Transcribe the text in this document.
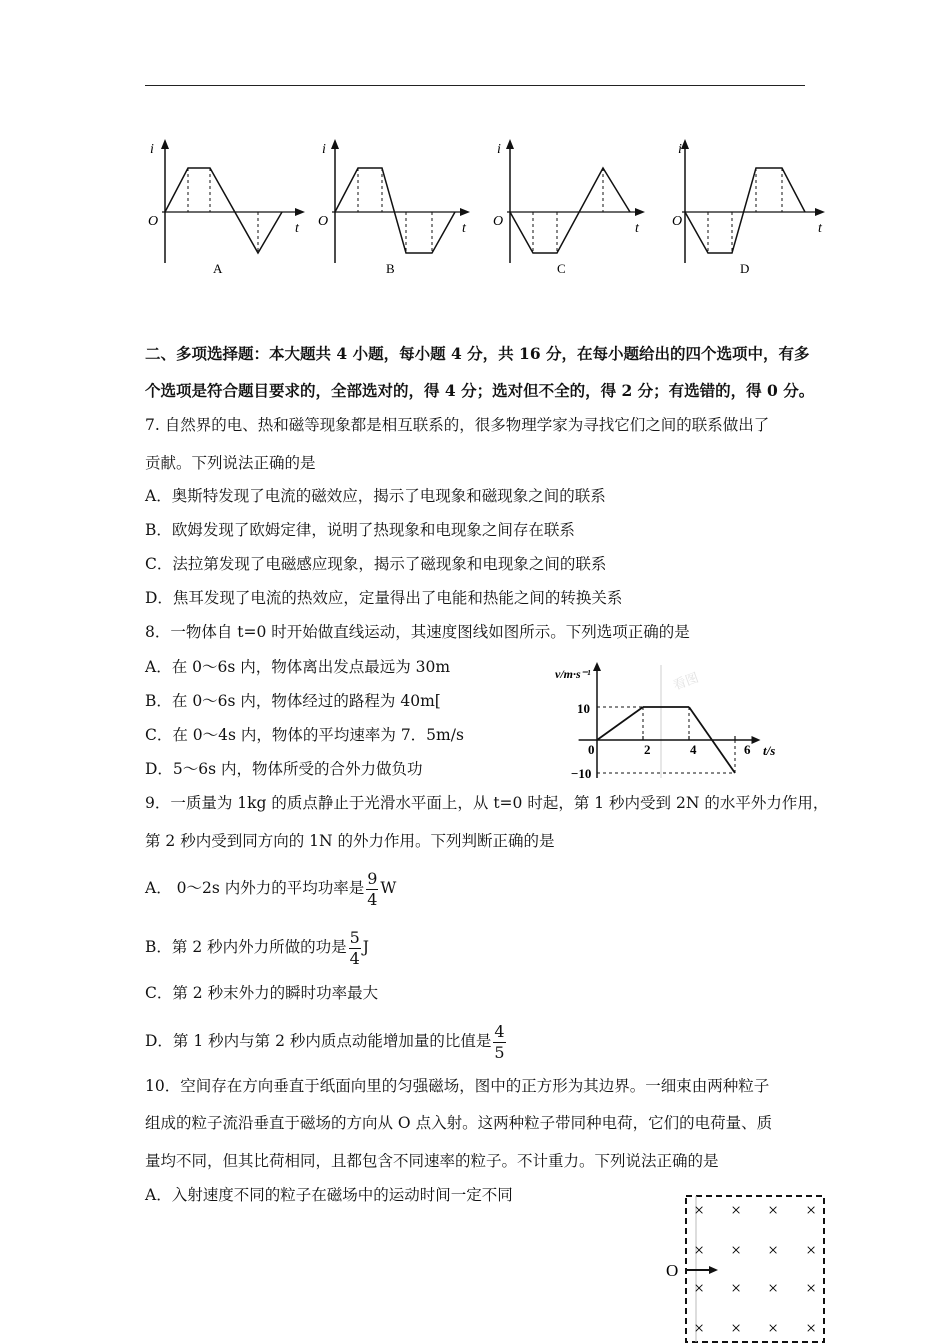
i
O	t
A
i
O	t
B
i
O	t
C
i
O	t
D
二、多项选择题：本大题共 4 小题，每小题 4 分，共 16 分，在每小题给出的四个选项中，有多
个选项是符合题目要求的，全部选对的，得 4 分；选对但不全的，得 2 分；有选错的，得 0 分。
7. 自然界的电、热和磁等现象都是相互联系的，很多物理学家为寻找它们之间的联系做出了
贡献。下列说法正确的是
A．奥斯特发现了电流的磁效应，揭示了电现象和磁现象之间的联系
B．欧姆发现了欧姆定律，说明了热现象和电现象之间存在联系
C．法拉第发现了电磁感应现象，揭示了磁现象和电现象之间的联系
D．焦耳发现了电流的热效应，定量得出了电能和热能之间的转换关系
8．一物体自 t=0 时开始做直线运动，其速度图线如图所示。下列选项正确的是
A．在 0～6s 内，物体离出发点最远为 30m
B．在 0～6s 内，物体经过的路程为 40m[
C．在 0～4s 内，物体的平均速率为 7．5m/s
D．5～6s 内，物体所受的合外力做负功
看图
v/m·s⁻¹
t/s
0
10
−10
2	4	6
9．一质量为 1kg 的质点静止于光滑水平面上，从 t=0 时起，第 1 秒内受到 2N 的水平外力作用，
第 2 秒内受到同方向的 1N 的外力作用。下列判断正确的是
A． 0～2s 内外力的平均功率是 $\frac{9}{4}$ W
B．第 2 秒内外力所做的功是 $\frac{5}{4}$ J
C．第 2 秒末外力的瞬时功率最大
D．第 1 秒内与第 2 秒内质点动能增加量的比值是 $\frac{4}{5}$
10．空间存在方向垂直于纸面向里的匀强磁场，图中的正方形为其边界。一细束由两种粒子
组成的粒子流沿垂直于磁场的方向从 O 点入射。这两种粒子带同种电荷，它们的电荷量、质
量均不同，但其比荷相同，且都包含不同速率的粒子。不计重力。下列说法正确的是
A．入射速度不同的粒子在磁场中的运动时间一定不同
× × × ×
× × × ×
× × × ×
× × × ×
O
